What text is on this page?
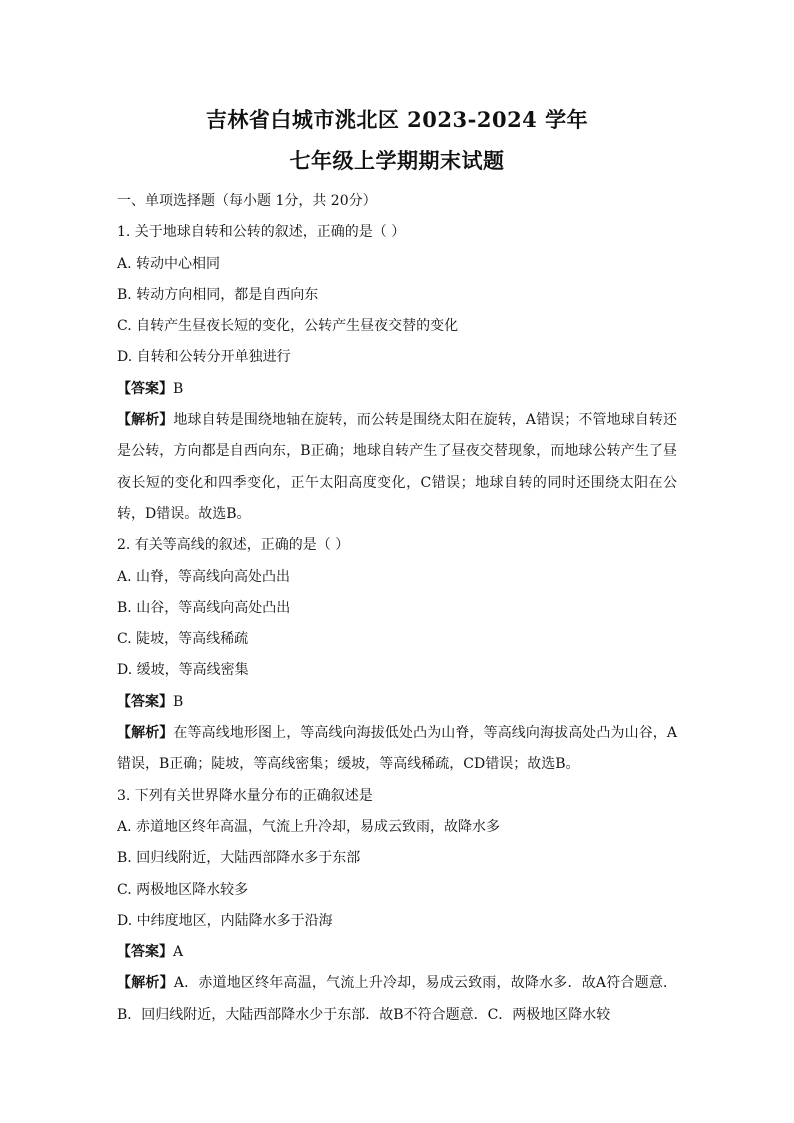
吉林省白城市洮北区 2023-2024 学年
七年级上学期期末试题
一、单项选择题（每小题 1分，共 20分）
1. 关于地球自转和公转的叙述，正确的是（ ）
A. 转动中心相同
B. 转动方向相同，都是自西向东
C. 自转产生昼夜长短的变化，公转产生昼夜交替的变化
D. 自转和公转分开单独进行
【答案】B
【解析】地球自转是围绕地轴在旋转，而公转是围绕太阳在旋转，A错误；不管地球自转还是公转，方向都是自西向东，B正确；地球自转产生了昼夜交替现象，而地球公转产生了昼夜长短的变化和四季变化，正午太阳高度变化，C错误；地球自转的同时还围绕太阳在公转，D错误。故选B。
2. 有关等高线的叙述，正确的是（ ）
A. 山脊，等高线向高处凸出
B. 山谷，等高线向高处凸出
C. 陡坡，等高线稀疏
D. 缓坡，等高线密集
【答案】B
【解析】在等高线地形图上，等高线向海拔低处凸为山脊，等高线向海拔高处凸为山谷，A错误，B正确；陡坡，等高线密集；缓坡，等高线稀疏，CD错误；故选B。
3. 下列有关世界降水量分布的正确叙述是
A. 赤道地区终年高温，气流上升冷却，易成云致雨，故降水多
B. 回归线附近，大陆西部降水多于东部
C. 两极地区降水较多
D. 中纬度地区，内陆降水多于沿海
【答案】A
【解析】A．赤道地区终年高温，气流上升冷却，易成云致雨，故降水多．故A符合题意．B．回归线附近，大陆西部降水少于东部．故B不符合题意．C．两极地区降水较
